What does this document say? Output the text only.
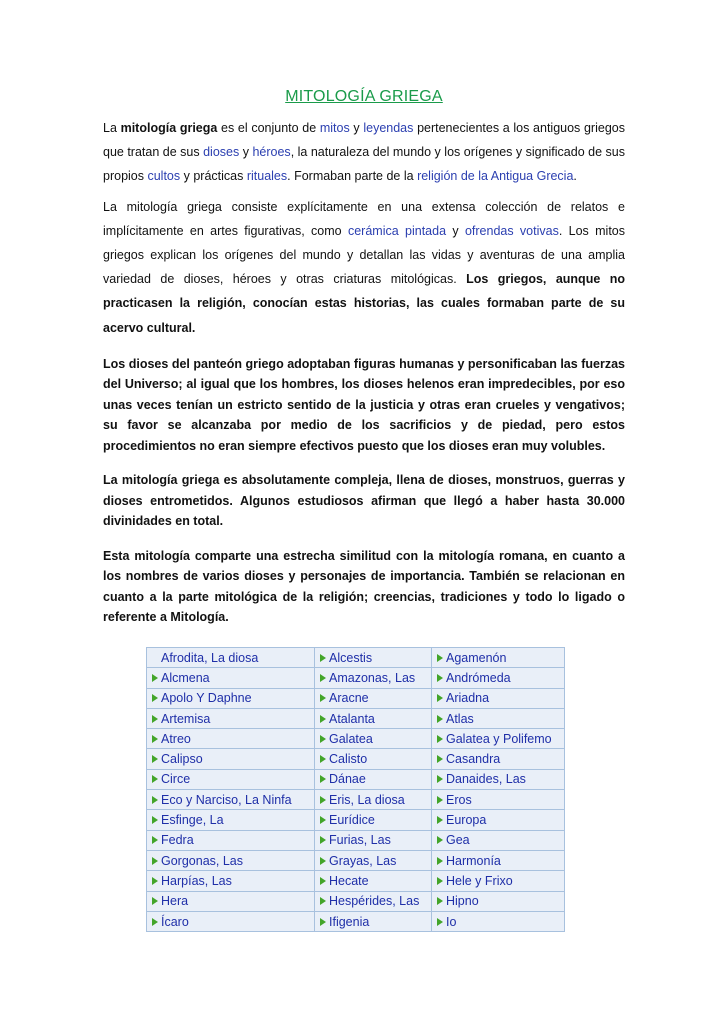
MITOLOGÍA GRIEGA

La mitología griega es el conjunto de mitos y leyendas pertenecientes a los antiguos griegos que tratan de sus dioses y héroes, la naturaleza del mundo y los orígenes y significado de sus propios cultos y prácticas rituales. Formaban parte de la religión de la Antigua Grecia.

La mitología griega consiste explícitamente en una extensa colección de relatos e implícitamente en artes figurativas, como cerámica pintada y ofrendas votivas. Los mitos griegos explican los orígenes del mundo y detallan las vidas y aventuras de una amplia variedad de dioses, héroes y otras criaturas mitológicas. Los griegos, aunque no practicasen la religión, conocían estas historias, las cuales formaban parte de su acervo cultural.

Los dioses del panteón griego adoptaban figuras humanas y personificaban las fuerzas del Universo; al igual que los hombres, los dioses helenos eran impredecibles, por eso unas veces tenían un estricto sentido de la justicia y otras eran crueles y vengativos; su favor se alcanzaba por medio de los sacrificios y de piedad, pero estos procedimientos no eran siempre efectivos puesto que los dioses eran muy volubles.

La mitología griega es absolutamente compleja, llena de dioses, monstruos, guerras y dioses entrometidos. Algunos estudiosos afirman que llegó a haber hasta 30.000 divinidades en total.

Esta mitología comparte una estrecha similitud con la mitología romana, en cuanto a los nombres de varios dioses y personajes de importancia. También se relacionan en cuanto a la parte mitológica de la religión; creencias, tradiciones y todo lo ligado o referente a Mitología.

Afrodita, La diosa	Alcestis	Agamenón
Alcmena	Amazonas, Las	Andrómeda
Apolo Y Daphne	Aracne	Ariadna
Artemisa	Atalanta	Atlas
Atreo	Galatea	Galatea y Polifemo
Calipso	Calisto	Casandra
Circe	Dánae	Danaides, Las
Eco y Narciso, La Ninfa	Eris, La diosa	Eros
Esfinge, La	Eurídice	Europa
Fedra	Furias, Las	Gea
Gorgonas, Las	Grayas, Las	Harmonía
Harpías, Las	Hecate	Hele y Frixo
Hera	Hespérides, Las	Hipno
Ícaro	Ifigenia	Io
